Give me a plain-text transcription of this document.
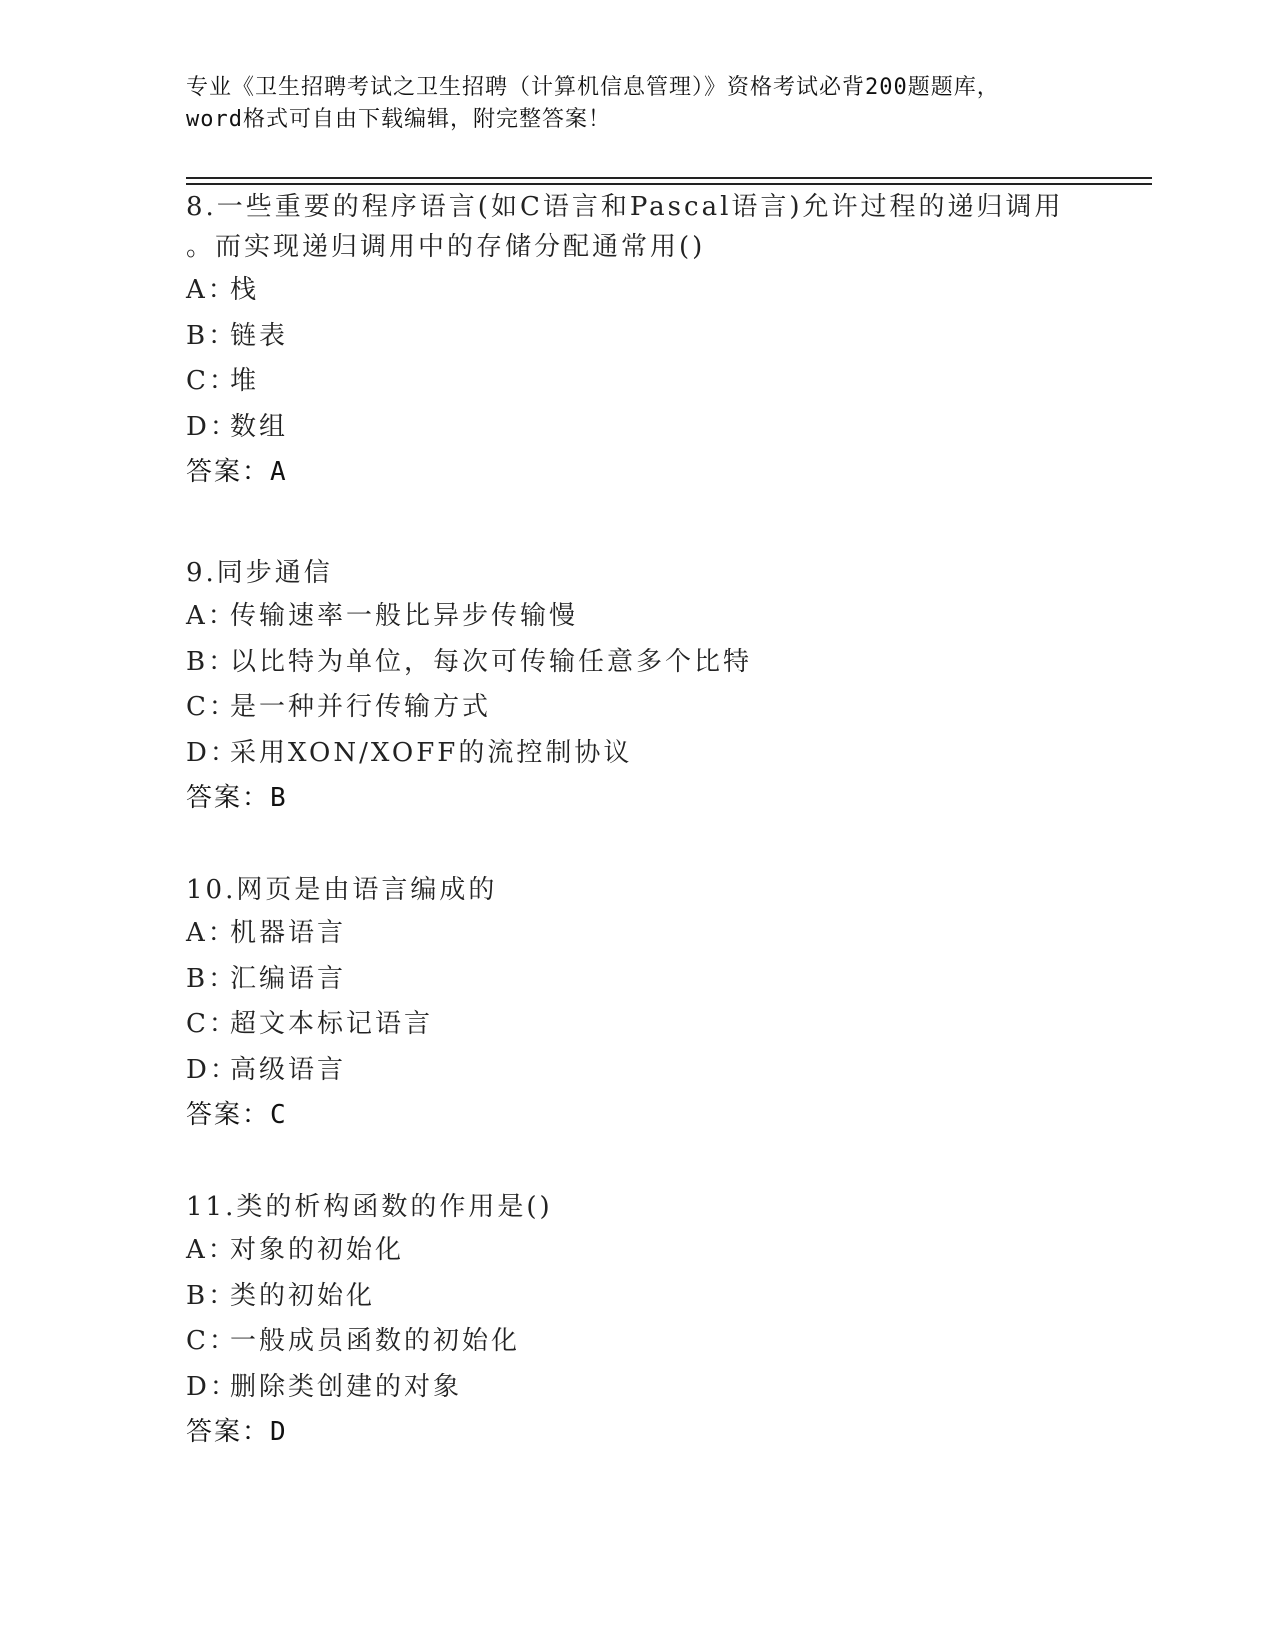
专业《卫生招聘考试之卫生招聘（计算机信息管理）》资格考试必背200题题库，
word格式可自由下载编辑，附完整答案！

8.一些重要的程序语言(如C语言和Pascal语言)允许过程的递归调用

。而实现递归调用中的存储分配通常用()

A：
栈
B：
链表
C：
堆
D：
数组

答案：A

9.同步通信

A：
传输速率一般比异步传输慢
B：
以比特为单位，每次可传输任意多个比特
C：
是一种并行传输方式
D：
采用XON/XOFF的流控制协议

答案：B

10.网页是由语言编成的

A：
机器语言
B：
汇编语言
C：
超文本标记语言
D：
高级语言

答案：C

11.类的析构函数的作用是()

A：
对象的初始化
B：
类的初始化
C：
一般成员函数的初始化
D：
删除类创建的对象

答案：D
